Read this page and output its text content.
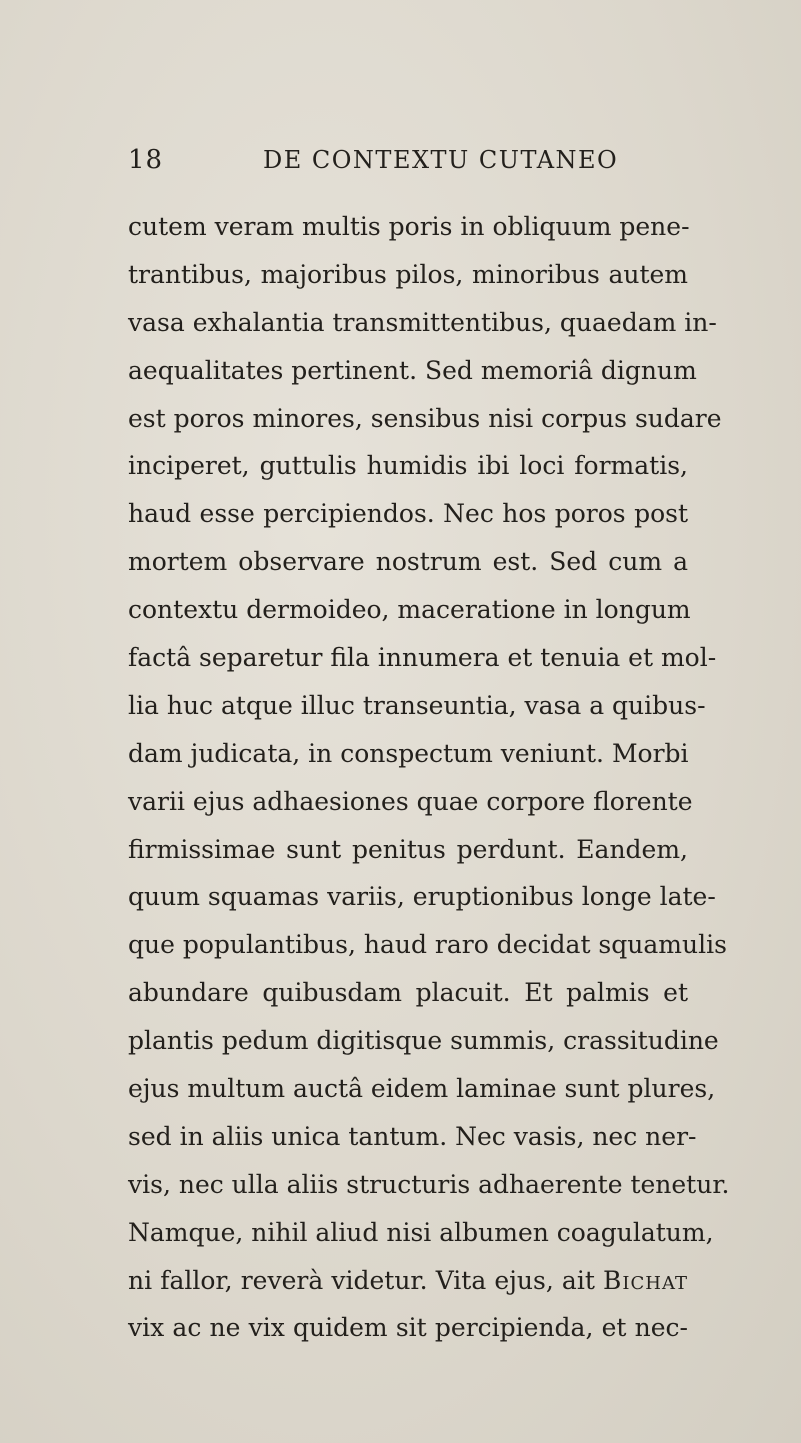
18	DE CONTEXTU CUTANEO
cutem veram multis poris in obliquum pene-
trantibus, majoribus pilos, minoribus autem
vasa exhalantia transmittentibus, quaedam in-
aequalitates pertinent. Sed memoriâ dignum
est poros minores, sensibus nisi corpus sudare
inciperet, guttulis humidis ibi loci formatis,
haud esse percipiendos. Nec hos poros post
mortem observare nostrum est. Sed cum a
contextu dermoideo, maceratione in longum
factâ separetur fila innumera et tenuia et mol-
lia huc atque illuc transeuntia, vasa a quibus-
dam judicata, in conspectum veniunt. Morbi
varii ejus adhaesiones quae corpore florente
firmissimae sunt penitus perdunt. Eandem,
quum squamas variis, eruptionibus longe late-
que populantibus, haud raro decidat squamulis
abundare quibusdam placuit. Et palmis et
plantis pedum digitisque summis, crassitudine
ejus multum auctâ eidem laminae sunt plures,
sed in aliis unica tantum. Nec vasis, nec ner-
vis, nec ulla aliis structuris adhaerente tenetur.
Namque, nihil aliud nisi albumen coagulatum,
ni fallor, reverà videtur. Vita ejus, ait Bichat
vix ac ne vix quidem sit percipienda, et nec-
